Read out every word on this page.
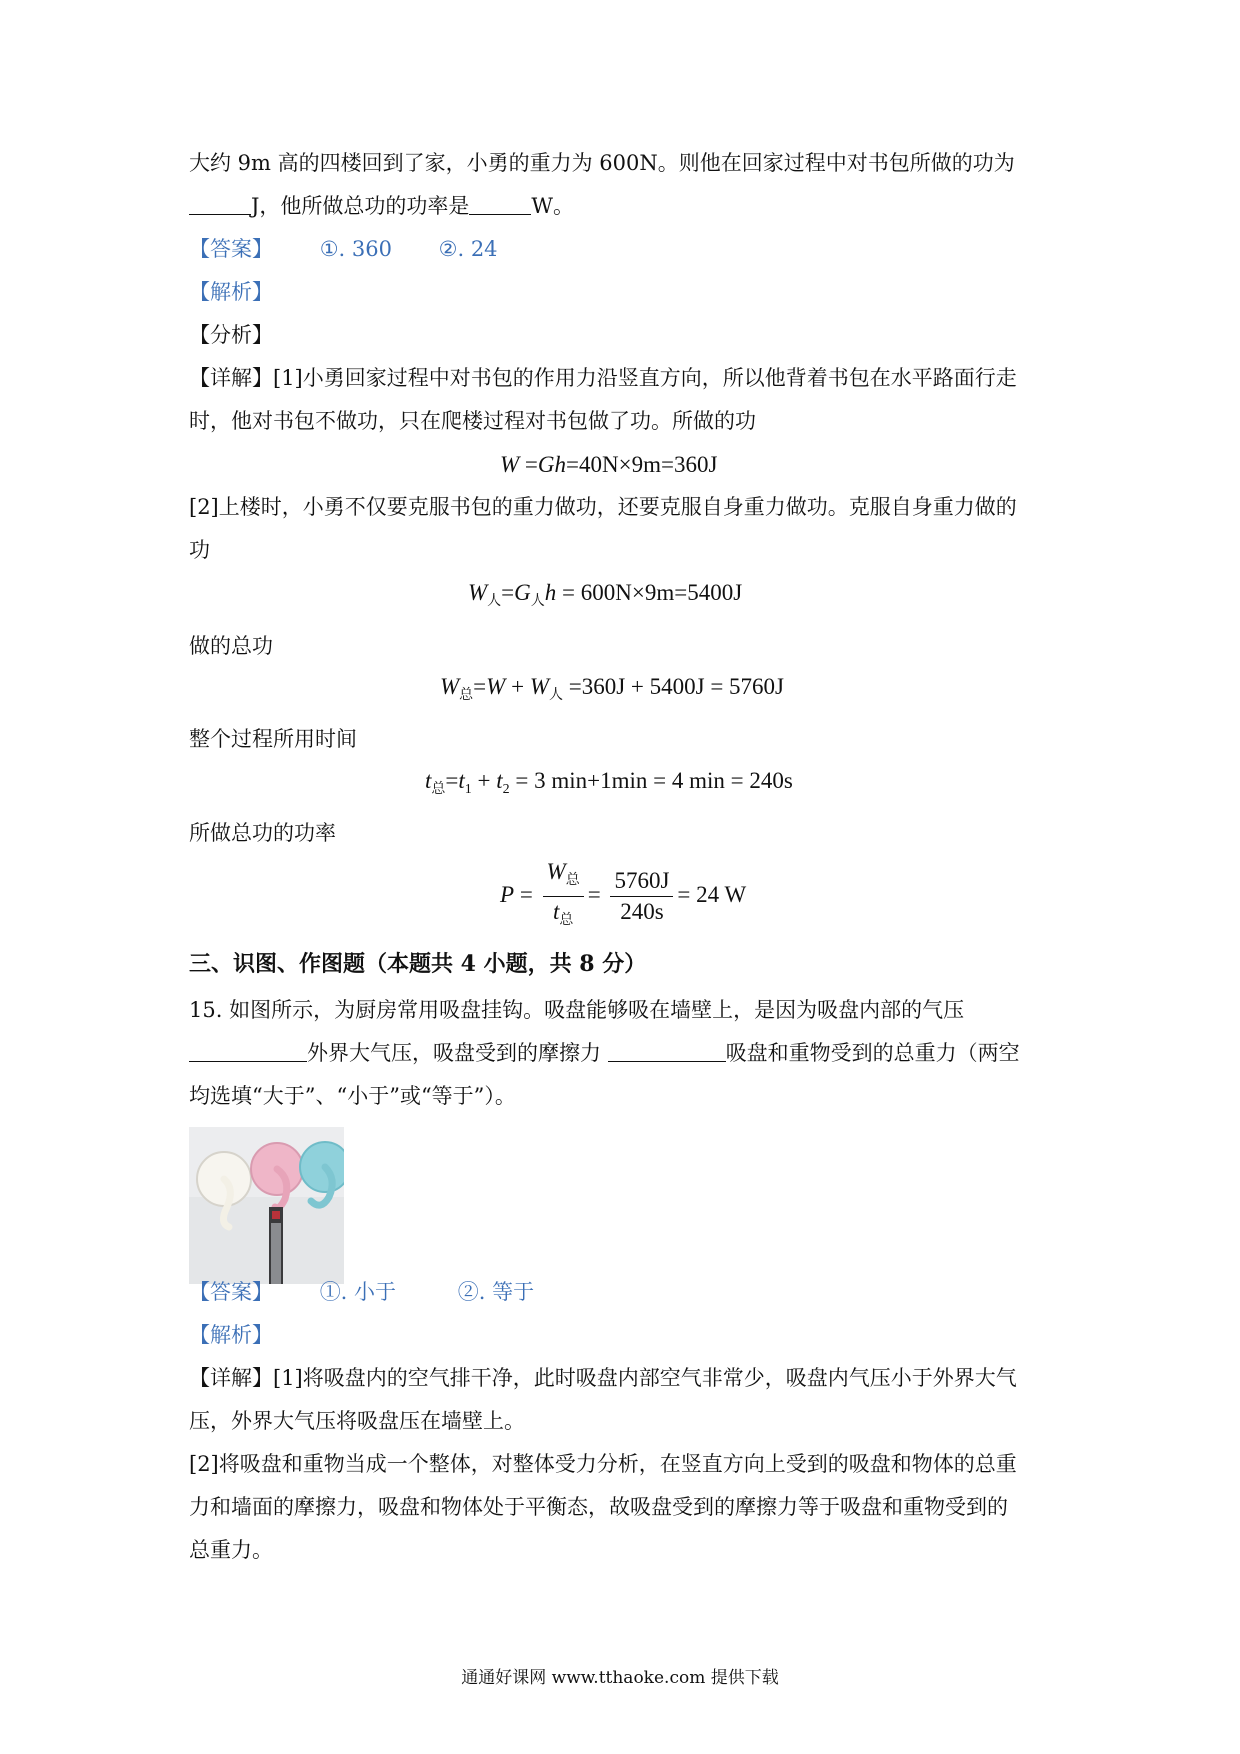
大约 9m 高的四楼回到了家，小勇的重力为 600N。则他在回家过程中对书包所做的功为
J，他所做总功的功率是	W。
【答案】 ①. 360 ②. 24
【解析】
【分析】
【详解】[1]小勇回家过程中对书包的作用力沿竖直方向，所以他背着书包在水平路面行走
时，他对书包不做功，只在爬楼过程对书包做了功。所做的功
W =Gh=40N×9m=360J
[2]上楼时，小勇不仅要克服书包的重力做功，还要克服自身重力做功。克服自身重力做的
功
$W_人=G_人h = 600N\times 9m=5400J$
做的总功
$W_总=W + W_人 =360J + 5400J = 5760J$
整个过程所用时间
$t_总=t_1 + t_2 = 3$ min+1min = 4 min = 240s
所做总功的功率
$P = \frac{W_总}{t_总} = \frac{5760J}{240s} = 24$ W
三、识图、作图题（本题共 4 小题，共 8 分）
15. 如图所示，为厨房常用吸盘挂钩。吸盘能够吸在墙壁上，是因为吸盘内部的气压
外界大气压，吸盘受到的摩擦力	吸盘和重物受到的总重力（两空
均选填“大于”、“小于”或“等于”）。
【答案】 ①. 小于	②. 等于
【解析】
【详解】[1]将吸盘内的空气排干净，此时吸盘内部空气非常少，吸盘内气压小于外界大气
压，外界大气压将吸盘压在墙壁上。
[2]将吸盘和重物当成一个整体，对整体受力分析，在竖直方向上受到的吸盘和物体的总重
力和墙面的摩擦力，吸盘和物体处于平衡态，故吸盘受到的摩擦力等于吸盘和重物受到的
总重力。
通通好课网 www.tthaoke.com 提供下载
